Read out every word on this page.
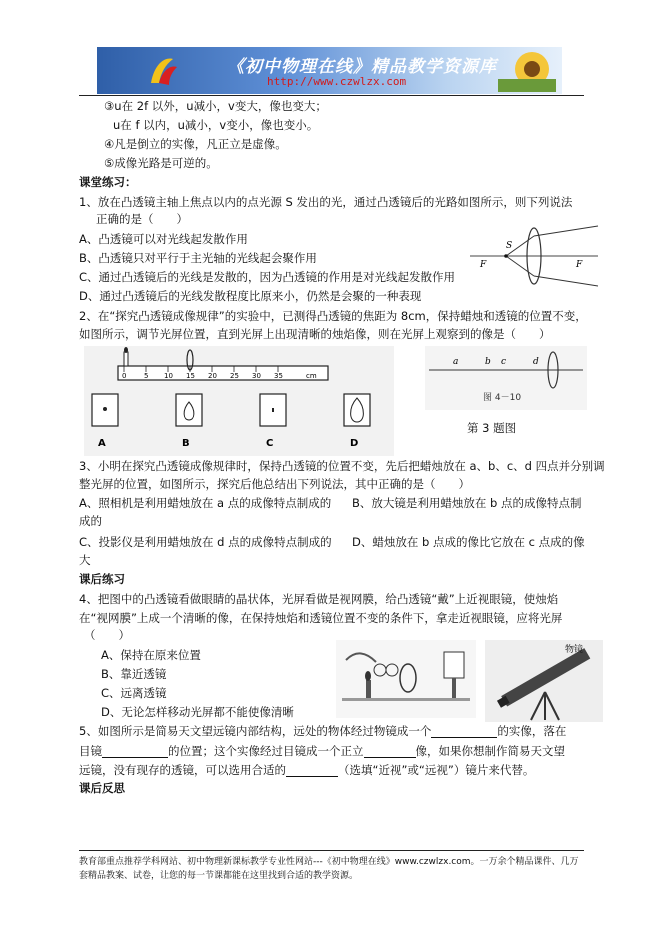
《初中物理在线》精品教学资源库
http://www.czwlzx.com
③u在 2f 以外，u减小，v变大，像也变大；
u在 f 以内，u减小，v变小，像也变小。
④凡是倒立的实像，凡正立是虚像。
⑤成像光路是可逆的。
课堂练习：
1、放在凸透镜主轴上焦点以内的点光源 S 发出的光，通过凸透镜后的光路如图所示，则下列说法
正确的是（　　）
A、凸透镜可以对光线起发散作用
B、凸透镜只对平行于主光轴的光线起会聚作用
C、通过凸透镜后的光线是发散的，因为凸透镜的作用是对光线起发散作用
D、通过凸透镜后的光线发散程度比原来小，仍然是会聚的一种表现
S
F	F
2、在“探究凸透镜成像规律”的实验中，已测得凸透镜的焦距为 8cm，保持蜡烛和透镜的位置不变，
如图所示，调节光屏位置，直到光屏上出现清晰的烛焰像，则在光屏上观察到的像是（　　）
0	5 10 15 20 25 30 35	cm
A	B	C	D
a	b c	d
图 4－10
第 3 题图
3、小明在探究凸透镜成像规律时，保持凸透镜的位置不变，先后把蜡烛放在 a、b、c、d 四点并分别调
整光屏的位置，如图所示，探究后他总结出下列说法，其中正确的是（　　）
A、照相机是利用蜡烛放在 a 点的成像特点制成的 B、放大镜是利用蜡烛放在 b 点的成像特点制
成的
C、投影仪是利用蜡烛放在 d 点的成像特点制成的 D、蜡烛放在 b 点成的像比它放在 c 点成的像
大
课后练习
4、把图中的凸透镜看做眼睛的晶状体，光屏看做是视网膜，给凸透镜“戴”上近视眼镜，使烛焰
在“视网膜”上成一个清晰的像，在保持烛焰和透镜位置不变的条件下，拿走近视眼镜，应将光屏
（　　）
A、保持在原来位置
B、靠近透镜
C、远离透镜
D、无论怎样移动光屏都不能使像清晰
物镜
5、如图所示是简易天文望远镜内部结构，远处的物体经过物镜成一个	的实像，落在
目镜	的位置；这个实像经过目镜成一个正立	像，如果你想制作简易天文望
远镜，没有现存的透镜，可以选用合适的	（选填“近视”或“远视”）镜片来代替。
课后反思
教育部重点推荐学科网站、初中物理新课标教学专业性网站---《初中物理在线》www.czwlzx.com。一万余个精品课件、几万套精品教案、试卷，让您的每一节课都能在这里找到合适的教学资源。
